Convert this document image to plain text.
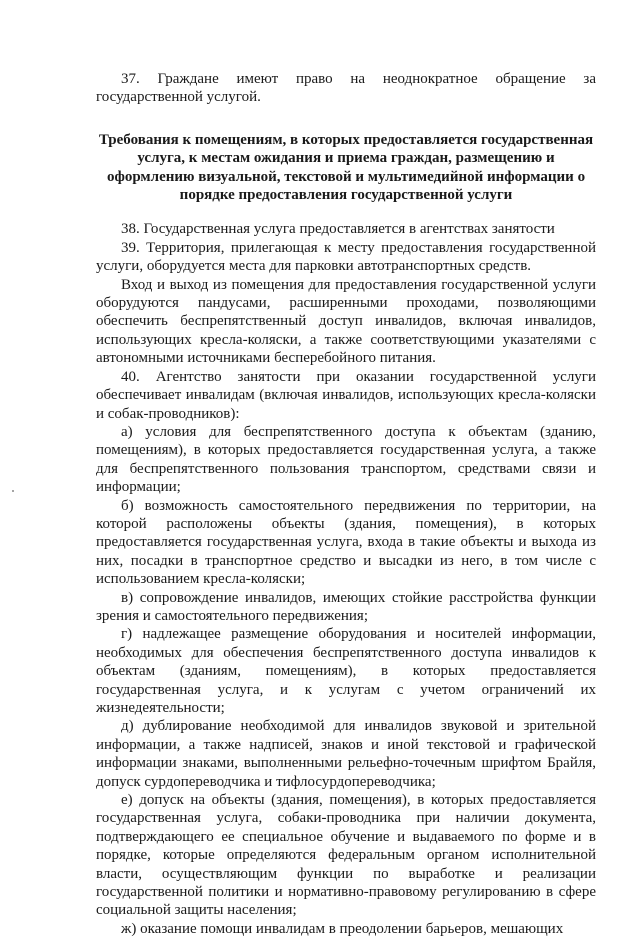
37. Граждане имеют право на неоднократное обращение за государственной услугой.

Требования к помещениям, в которых предоставляется государственная услуга, к местам ожидания и приема граждан, размещению и оформлению визуальной, текстовой и мультимедийной информации о порядке предоставления государственной услуги

38. Государственная услуга предоставляется в агентствах занятости

39. Территория, прилегающая к месту предоставления государственной услуги, оборудуется места для парковки автотранспортных средств.

Вход и выход из помещения для предоставления государственной услуги оборудуются пандусами, расширенными проходами, позволяющими обеспечить беспрепятственный доступ инвалидов, включая инвалидов, использующих кресла-коляски, а также соответствующими указателями с автономными источниками бесперебойного питания.

40. Агентство занятости при оказании государственной услуги обеспечивает инвалидам (включая инвалидов, использующих кресла-коляски и собак-проводников):

а) условия для беспрепятственного доступа к объектам (зданию, помещениям), в которых предоставляется государственная услуга, а также для беспрепятственного пользования транспортом, средствами связи и информации;

б) возможность самостоятельного передвижения по территории, на которой расположены объекты (здания, помещения), в которых предоставляется государственная услуга, входа в такие объекты и выхода из них, посадки в транспортное средство и высадки из него, в том числе с использованием кресла-коляски;

в) сопровождение инвалидов, имеющих стойкие расстройства функции зрения и самостоятельного передвижения;

г) надлежащее размещение оборудования и носителей информации, необходимых для обеспечения беспрепятственного доступа инвалидов к объектам (зданиям, помещениям), в которых предоставляется государственная услуга, и к услугам с учетом ограничений их жизнедеятельности;

д) дублирование необходимой для инвалидов звуковой и зрительной информации, а также надписей, знаков и иной текстовой и графической информации знаками, выполненными рельефно-точечным шрифтом Брайля, допуск сурдопереводчика и тифлосурдопереводчика;

е) допуск на объекты (здания, помещения), в которых предоставляется государственная услуга, собаки-проводника при наличии документа, подтверждающего ее специальное обучение и выдаваемого по форме и в порядке, которые определяются федеральным органом исполнительной власти, осуществляющим функции по выработке и реализации государственной политики и нормативно-правовому регулированию в сфере социальной защиты населения;

ж) оказание помощи инвалидам в преодолении барьеров, мешающих
